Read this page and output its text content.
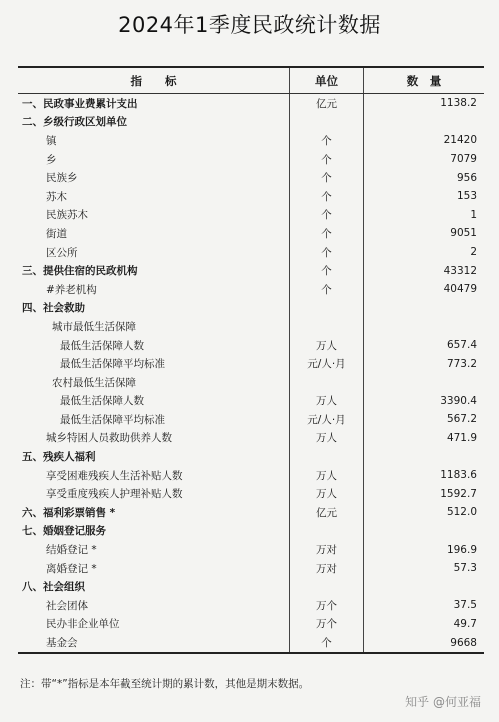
2024年1季度民政统计数据
指　　标	单位	数　量
一、民政事业费累计支出	亿元	1138.2
二、乡级行政区划单位
镇	个	21420
乡	个	7079
民族乡	个	956
苏木	个	153
民族苏木	个	1
街道	个	9051
区公所	个	2
三、提供住宿的民政机构	个	43312
#养老机构	个	40479
四、社会救助
城市最低生活保障
最低生活保障人数	万人	657.4
最低生活保障平均标准	元/人·月	773.2
农村最低生活保障
最低生活保障人数	万人	3390.4
最低生活保障平均标准	元/人·月	567.2
城乡特困人员救助供养人数	万人	471.9
五、残疾人福利
享受困难残疾人生活补贴人数	万人	1183.6
享受重度残疾人护理补贴人数	万人	1592.7
六、福利彩票销售 *	亿元	512.0
七、婚姻登记服务
结婚登记 *	万对	196.9
离婚登记 *	万对	57.3
八、社会组织
社会团体	万个	37.5
民办非企业单位	万个	49.7
基金会	个	9668
注：带“*”指标是本年截至统计期的累计数，其他是期末数据。
知乎 @何亚福
